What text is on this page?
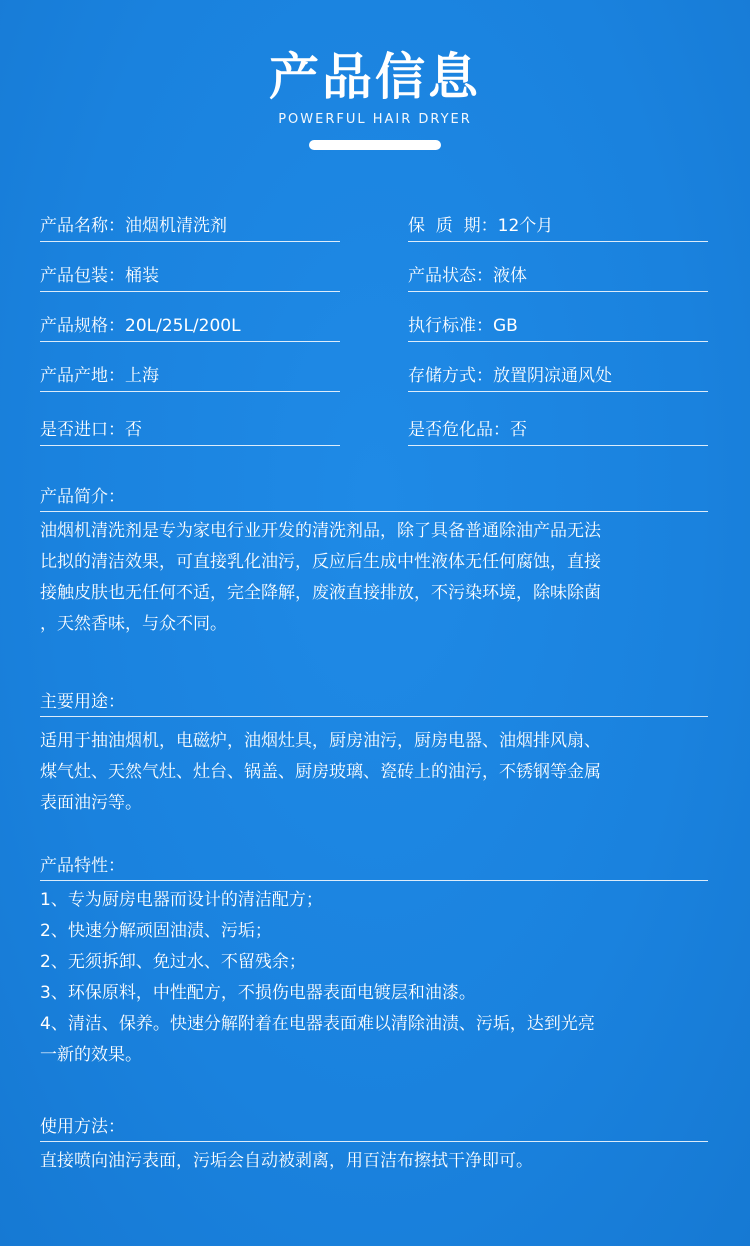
产品信息
POWERFUL HAIR DRYER
产品名称：油烟机清洗剂	保  质  期：12个月
产品包装：桶装	产品状态：液体
产品规格：20L/25L/200L	执行标准：GB
产品产地：上海	存储方式：放置阴凉通风处
是否进口：否	是否危化品：否
产品简介：

油烟机清洗剂是专为家电行业开发的清洗剂品，除了具备普通除油产品无法

比拟的清洁效果，可直接乳化油污，反应后生成中性液体无任何腐蚀，直接

接触皮肤也无任何不适，完全降解，废液直接排放，不污染环境，除味除菌

，天然香味，与众不同。

主要用途：

适用于抽油烟机，电磁炉，油烟灶具，厨房油污，厨房电器、油烟排风扇、

煤气灶、天然气灶、灶台、锅盖、厨房玻璃、瓷砖上的油污，不锈钢等金属

表面油污等。

产品特性：

1、专为厨房电器而设计的清洁配方；

2、快速分解顽固油渍、污垢；

2、无须拆卸、免过水、不留残余；

3、环保原料，中性配方，不损伤电器表面电镀层和油漆。

4、清洁、保养。快速分解附着在电器表面难以清除油渍、污垢，达到光亮

一新的效果。

使用方法：

直接喷向油污表面，污垢会自动被剥离，用百洁布擦拭干净即可。
